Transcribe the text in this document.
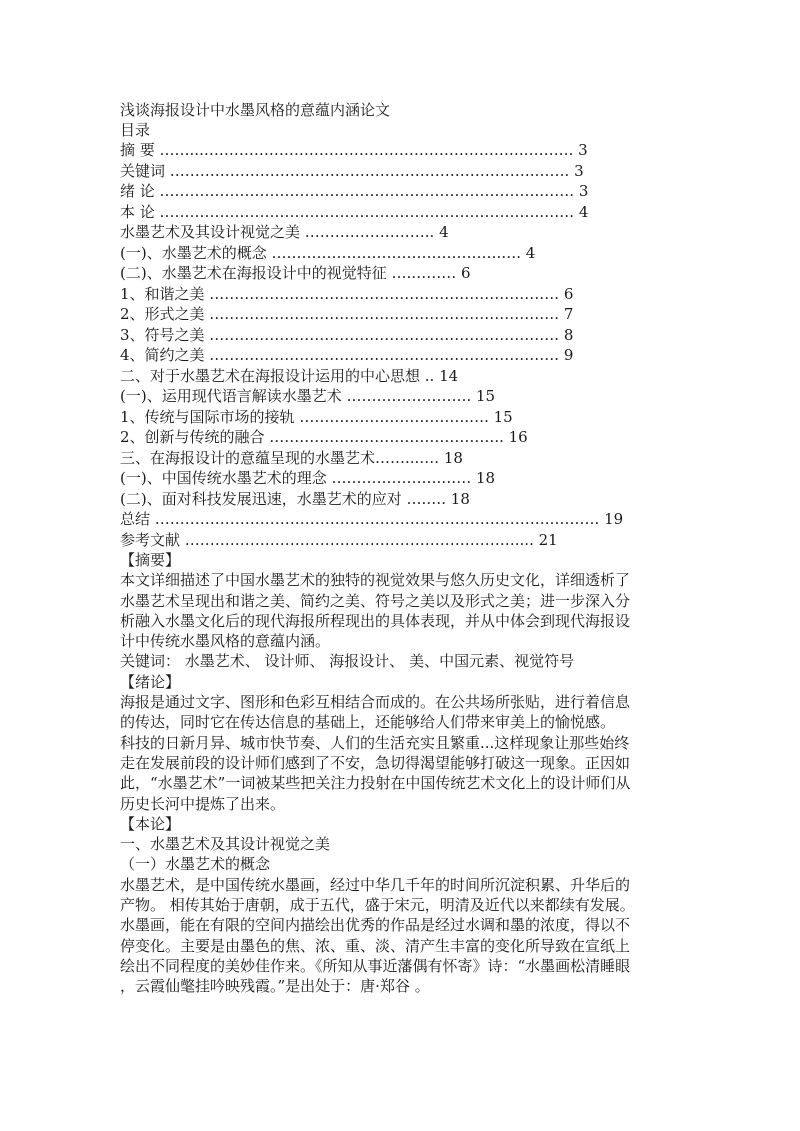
浅谈海报设计中水墨风格的意蕴内涵论文
目录
摘 要 ……...……………………………………………………….………. 3
关键词 ……………………………………………………………….……. 3
绪 论 ………………………………………………………………….……. 3
本 论 ………………………………………………………………….……. 4
水墨艺术及其设计视觉之美 …………………….. 4
(一)、水墨艺术的概念 ……………………………………….…. 4
(二)、水墨艺术在海报设计中的视觉特征 ….……… 6
1、和谐之美 ……………………………………………………………. 6
2、形式之美 ……………………………………………………………. 7
3、符号之美 ……………………………………………………………. 8
4、简约之美 ……………………………………………………………. 9
二、对于水墨艺术在海报设计运用的中心思想 .. 14
(一)、运用现代语言解读水墨艺术 ……………………. 15
1、传统与国际市场的接轨 …………………………….…. 15
2、创新与传统的融合 ……………………………………….. 16
三、在海报设计的意蕴呈现的水墨艺术……...…. 18
(一)、中国传统水墨艺术的理念 ………………….…… 18
(二)、面对科技发展迅速，水墨艺术的应对 ….…. 18
总结 …………………………………………………………………….………. 19
参考文献 ………………………………………………………….... 21
【摘要】
本文详细描述了中国水墨艺术的独特的视觉效果与悠久历史文化，详细透析了
水墨艺术呈现出和谐之美、简约之美、符号之美以及形式之美；进一步深入分
析融入水墨文化后的现代海报所程现出的具体表现，并从中体会到现代海报设
计中传统水墨风格的意蕴内涵。
关键词： 水墨艺术、 设计师、 海报设计、 美、中国元素、视觉符号
【绪论】
海报是通过文字、图形和色彩互相结合而成的。在公共场所张贴，进行着信息
的传达，同时它在传达信息的基础上，还能够给人们带来审美上的愉悦感。
科技的日新月异、城市快节奏、人们的生活充实且繁重...这样现象让那些始终
走在发展前段的设计师们感到了不安，急切得渴望能够打破这一现象。正因如
此，“水墨艺术”一词被某些把关注力投射在中国传统艺术文化上的设计师们从
历史长河中提炼了出来。
【本论】
一、水墨艺术及其设计视觉之美
（一）水墨艺术的概念
水墨艺术，是中国传统水墨画，经过中华几千年的时间所沉淀积累、升华后的
产物。 相传其始于唐朝，成于五代，盛于宋元，明清及近代以来都续有发展。
水墨画，能在有限的空间内描绘出优秀的作品是经过水调和墨的浓度，得以不
停变化。主要是由墨色的焦、浓、重、淡、清产生丰富的变化所导致在宣纸上
绘出不同程度的美妙佳作来。《所知从事近藩偶有怀寄》诗：“水墨画松清睡眼
，云霞仙氅挂吟映残霞。”是出处于：唐·郑谷 。
